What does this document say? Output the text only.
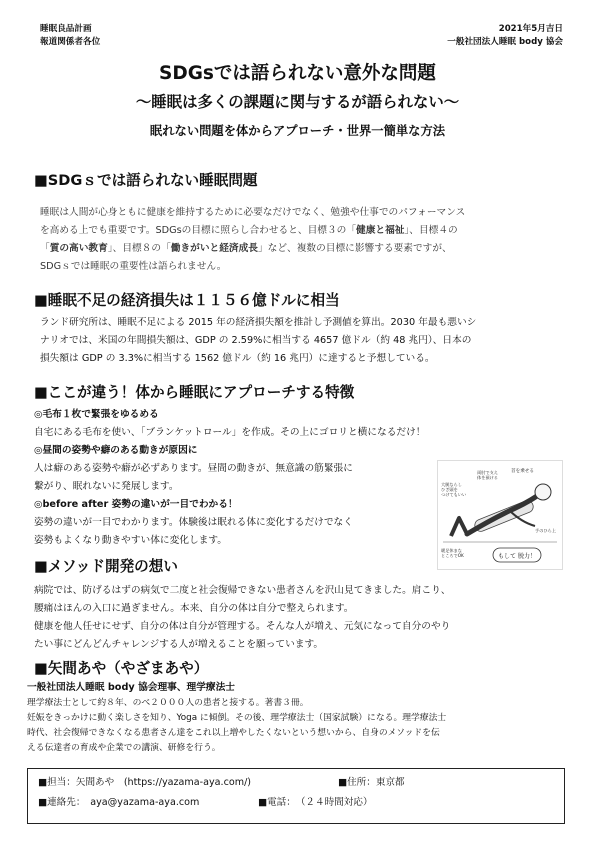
睡眠良品計画
報道関係者各位
2021年5月吉日
一般社団法人睡眠 body 協会
SDGsでは語られない意外な問題
～睡眠は多くの課題に関与するが語られない～
眠れない問題を体からアプローチ・世界一簡単な方法
■SDGｓでは語られない睡眠問題
睡眠は人間が心身ともに健康を維持するために必要なだけでなく、勉強や仕事でのパフォーマンス
を高める上でも重要です。SDGsの目標に照らし合わせると、目標３の「健康と福祉」、目標４の
「質の高い教育」、目標８の「働きがいと経済成長」など、複数の目標に影響する要素ですが、
SDGｓでは睡眠の重要性は語られません。
■睡眠不足の経済損失は１１５６億ドルに相当
ランド研究所は、睡眠不足による 2015 年の経済損失額を推計し予測値を算出。2030 年最も悪いシ
ナリオでは、米国の年間損失額は、GDP の 2.59%に相当する 4657 億ドル（約 48 兆円）、日本の
損失額は GDP の 3.3%に相当する 1562 億ドル（約 16 兆円）に達すると予想している。
■ここが違う！体から睡眠にアプローチする特徴
◎毛布１枚で緊張をゆるめる
自宅にある毛布を使い、「ブランケットロール」を作成。その上にゴロリと横になるだけ！
◎昼間の姿勢や癖のある動きが原因に
人は癖のある姿勢や癖が必ずあります。昼間の動きが、無意識の筋緊張に
繋がり、眠れないに発展します。
◎before after 姿勢の違いが一目でわかる！
姿勢の違いが一目でわかります。体験後は眠れる体に変化するだけでなく
姿勢もよくなり動きやすい体に変化します。
首を乗せる
両肘で支え体を預ける
大腿ならしひざ頭をつけてもいい
手のひら上
暖足休まなところでOK	もして 脱力！
■メソッド開発の想い
病院では、防げるはずの病気で二度と社会復帰できない患者さんを沢山見てきました。肩こり、
腰痛はほんの入口に過ぎません。本来、自分の体は自分で整えられます。
健康を他人任せにせず、自分の体は自分が管理する。そんな人が増え、元気になって自分のやり
たい事にどんどんチャレンジする人が増えることを願っています。
■矢間あや（やざまあや）
一般社団法人睡眠 body 協会理事、理学療法士
理学療法士として約８年、のべ２０００人の患者と接する。著書３冊。
妊娠をきっかけに動く楽しさを知り、Yoga に傾倒。その後、理学療法士（国家試験）になる。理学療法士
時代、社会復帰できなくなる患者さん達をこれ以上増やしたくないという想いから、自身のメソッドを伝
える伝達者の育成や企業での講演、研修を行う。
■担当：矢間あや　(https://yazama-aya.com/)	■住所：東京都
■連絡先：　aya@yazama-aya.com	■電話：　（２４時間対応）
